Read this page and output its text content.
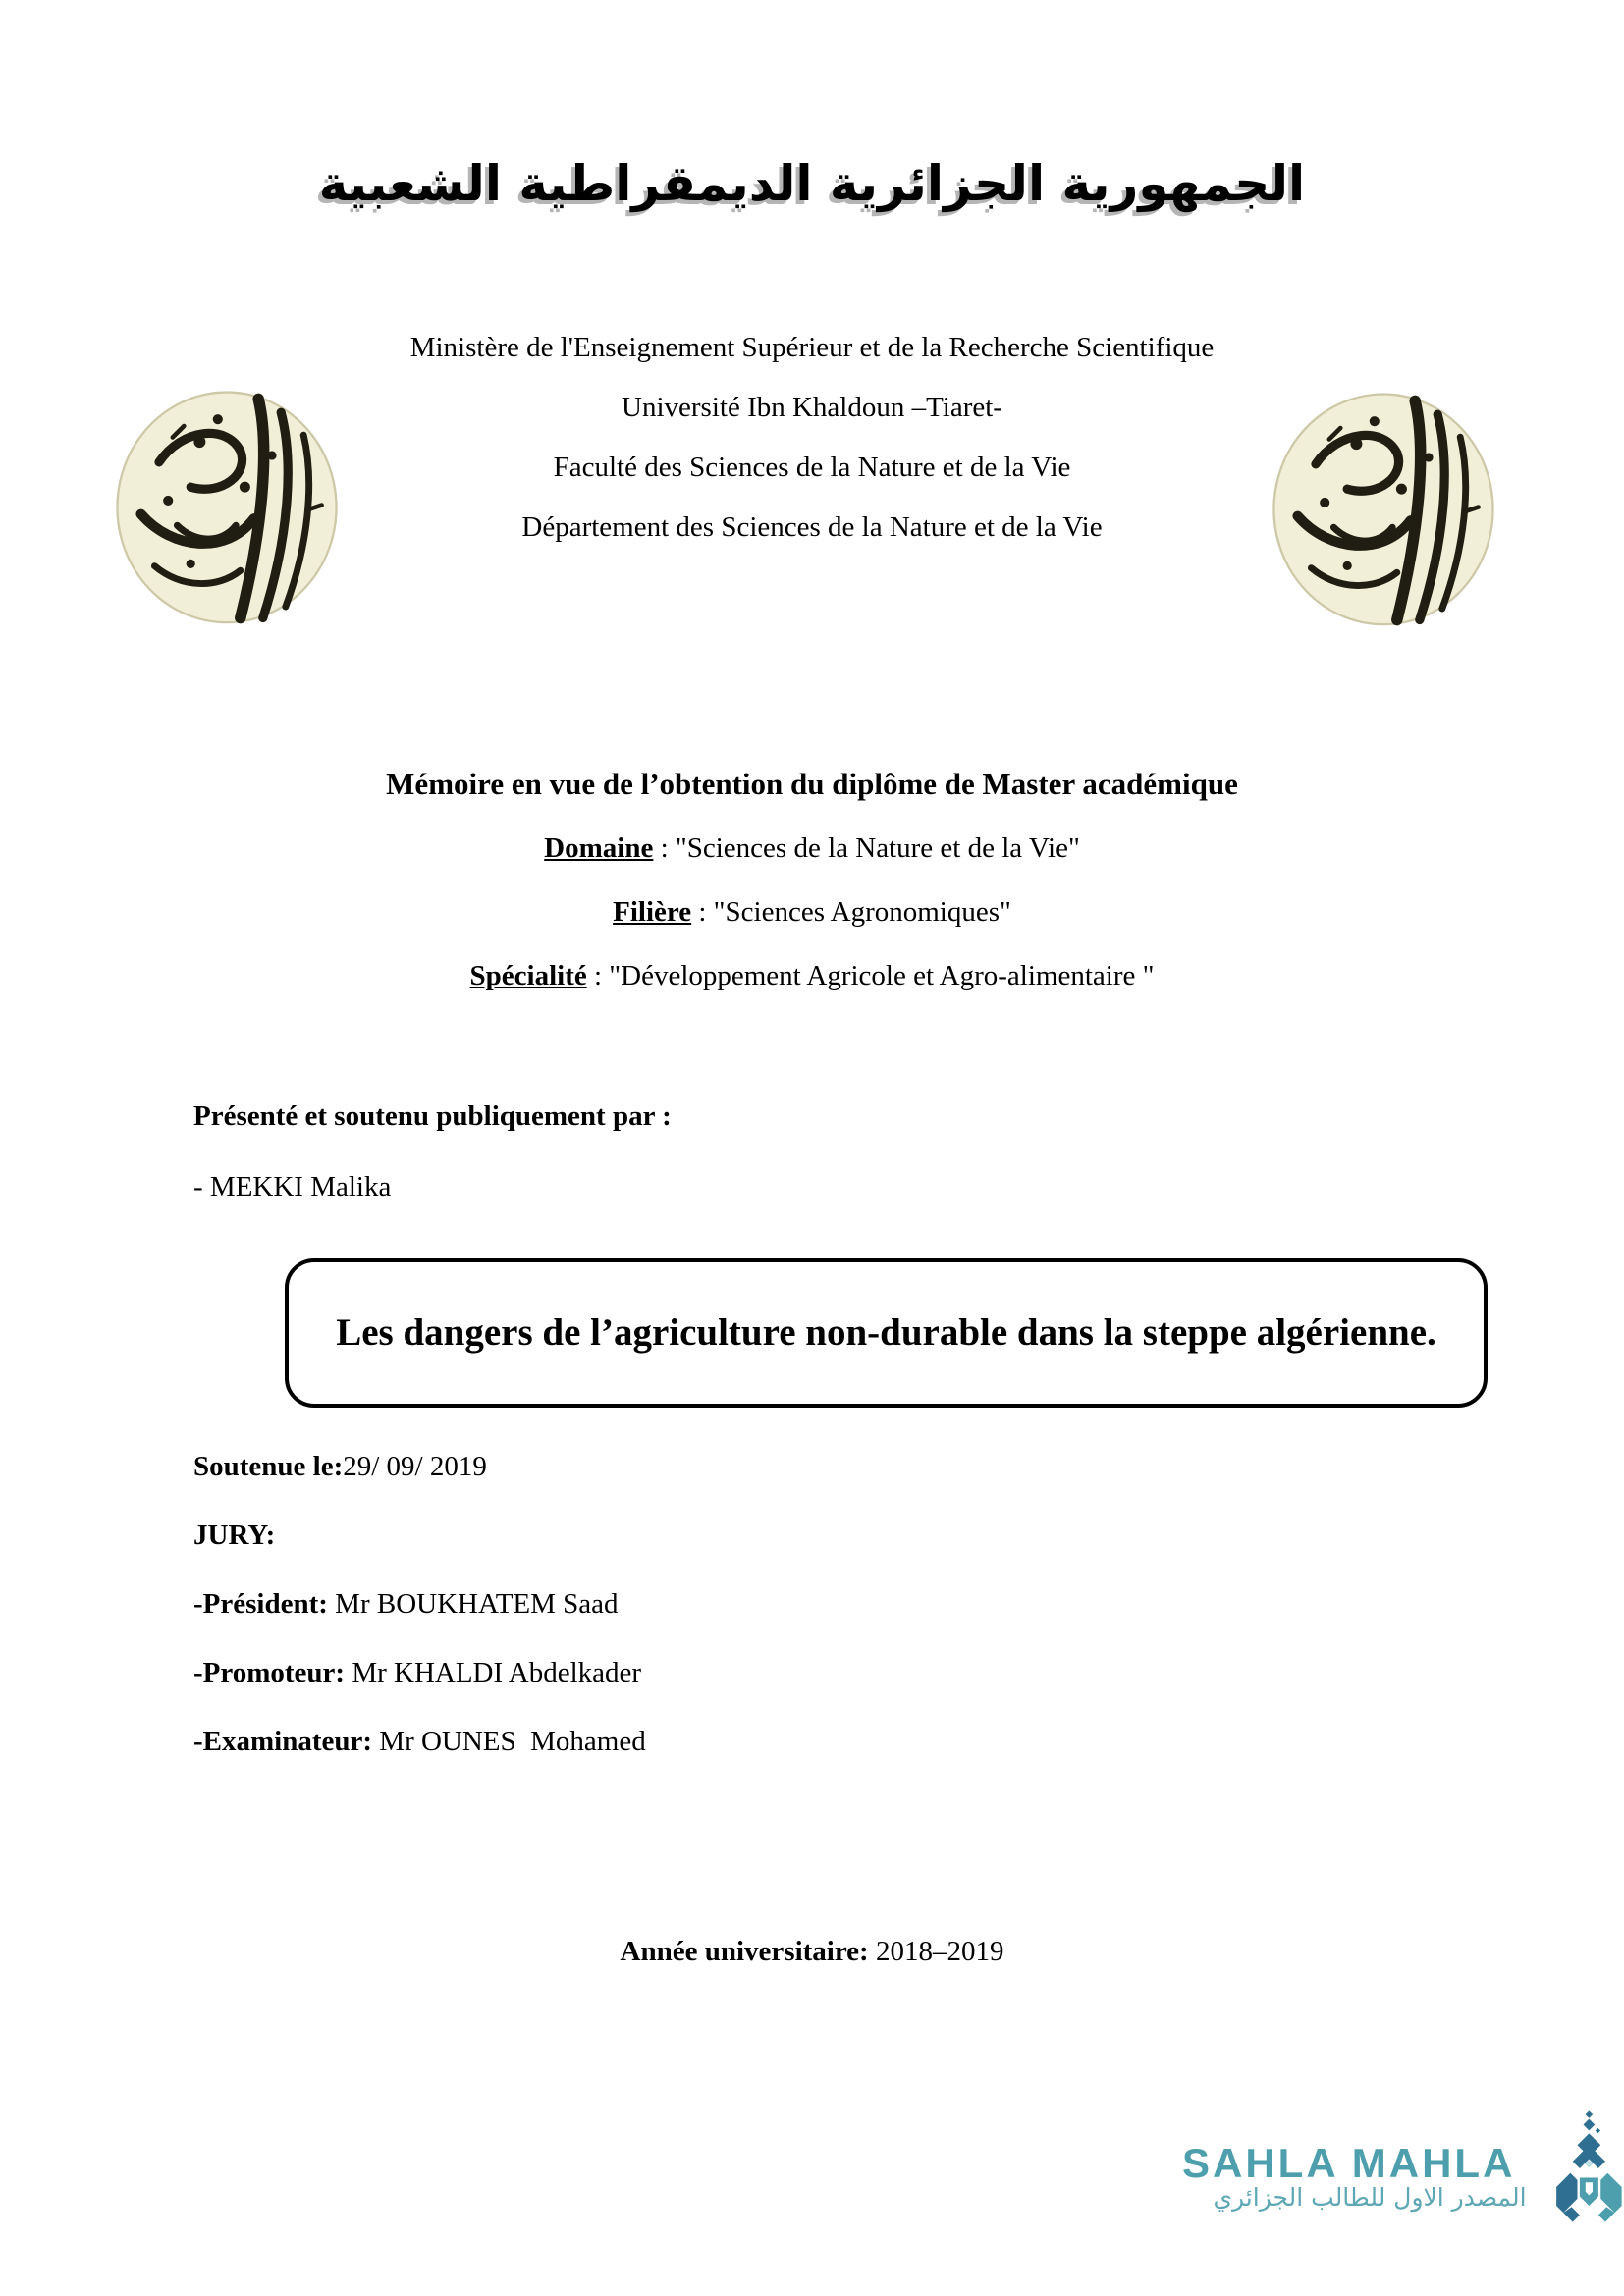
الجمهورية الجزائرية الديمقراطية الشعبية
Ministère de l'Enseignement Supérieur et de la Recherche Scientifique
Université Ibn Khaldoun –Tiaret-
Faculté des Sciences de la Nature et de la Vie
Département des Sciences de la Nature et de la Vie
Mémoire en vue de l’obtention du diplôme de Master académique
Domaine : "Sciences de la Nature et de la Vie"
Filière : "Sciences Agronomiques"
Spécialité : "Développement Agricole et Agro-alimentaire "
Présenté et soutenu publiquement par :
- MEKKI Malika
Les dangers de l’agriculture non-durable dans la steppe algérienne.
Soutenue le:29/ 09/ 2019
JURY:
-Président: Mr BOUKHATEM Saad
-Promoteur: Mr KHALDI Abdelkader
-Examinateur: Mr OUNES  Mohamed
Année universitaire: 2018–2019
SAHLA MAHLA
المصدر الاول للطالب الجزائري
